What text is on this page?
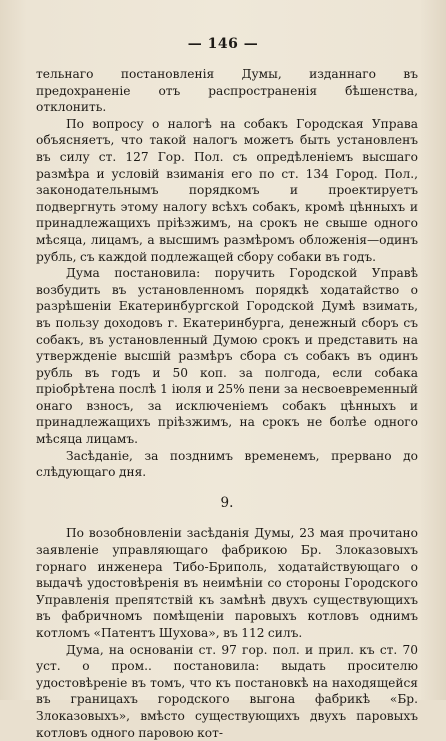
— 146 —

тельнаго постановленія Думы, изданнаго въ предохраненіе отъ распространенія бѣшенства, отклонить.

По вопросу о налогѣ на собакъ Городская Управа объясняетъ, что такой налогъ можетъ быть установленъ въ силу ст. 127 Гор. Пол. съ опредѣленіемъ высшаго размѣра и условій взиманія его по ст. 134 Город. Пол., законодательнымъ порядкомъ и проектируетъ подвергнуть этому налогу всѣхъ собакъ, кромѣ цѣнныхъ и принадлежащихъ пріѣзжимъ, на срокъ не свыше одного мѣсяца, лицамъ, а высшимъ размѣромъ обложенія—одинъ рубль, съ каждой подлежащей сбору собаки въ годъ.

Дума постановила: поручить Городской Управѣ возбудить въ установленномъ порядкѣ ходатайство о разрѣшеніи Екатеринбургской Городской Думѣ взимать, въ пользу доходовъ г. Екатеринбурга, денежный сборъ съ собакъ, въ установленный Думою срокъ и представить на утвержденіе высшій размѣръ сбора съ собакъ въ одинъ рубль въ годъ и 50 коп. за полгода, если собака пріобрѣтена послѣ 1 іюля и 25% пени за несвоевременный онаго взносъ, за исключеніемъ собакъ цѣнныхъ и принадлежащихъ пріѣзжимъ, на срокъ не болѣе одного мѣсяца лицамъ.

Засѣданіе, за позднимъ временемъ, прервано до слѣдующаго дня.

9.

По возобновленіи засѣданія Думы, 23 мая прочитано заявленіе управляющаго фабрикою Бр. Злоказовыхъ горнаго инженера Тибо-Бриполь, ходатайствующаго о выдачѣ удостовѣренія въ неимѣніи со стороны Городского Управленія препятствій къ замѣнѣ двухъ существующихъ въ фабричномъ помѣщеніи паровыхъ котловъ однимъ котломъ «Патентъ Шухова», въ 112 силъ.

Дума, на основаніи ст. 97 гор. пол. и прил. къ ст. 70 уст. о пром.. постановила: выдать просителю удостовѣреніе въ томъ, что къ постановкѣ на находящейся въ границахъ городского выгона фабрикѣ «Бр. Злоказовыхъ», вмѣсто существующихъ двухъ паровыхъ котловъ одного паровою кот-
